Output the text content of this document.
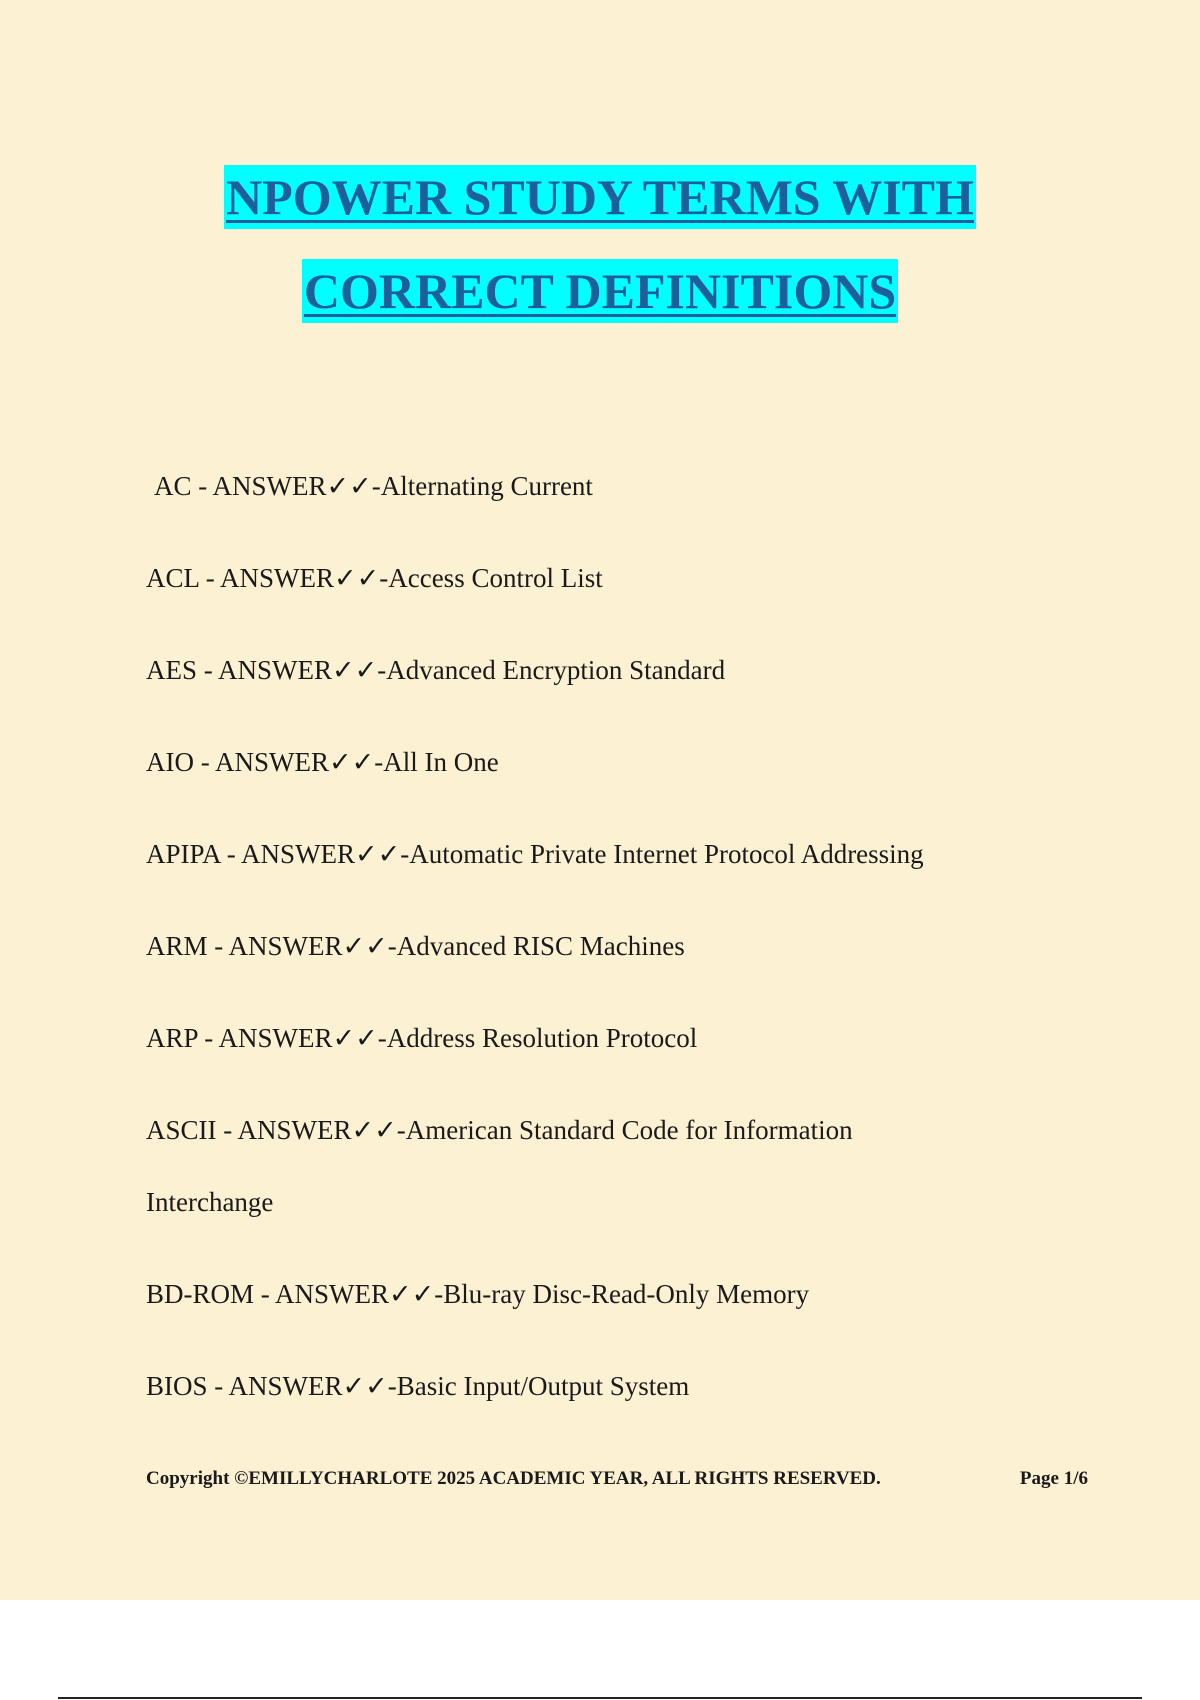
NPOWER STUDY TERMS WITH
CORRECT DEFINITIONS

AC - ANSWER✓✓-Alternating Current

ACL - ANSWER✓✓-Access Control List

AES - ANSWER✓✓-Advanced Encryption Standard

AIO - ANSWER✓✓-All In One

APIPA - ANSWER✓✓-Automatic Private Internet Protocol Addressing

ARM - ANSWER✓✓-Advanced RISC Machines

ARP - ANSWER✓✓-Address Resolution Protocol

ASCII - ANSWER✓✓-American Standard Code for Information
Interchange

BD-ROM - ANSWER✓✓-Blu-ray Disc-Read-Only Memory

BIOS - ANSWER✓✓-Basic Input/Output System

Copyright ©EMILLYCHARLOTE 2025 ACADEMIC YEAR, ALL RIGHTS RESERVED.	Page 1/6
